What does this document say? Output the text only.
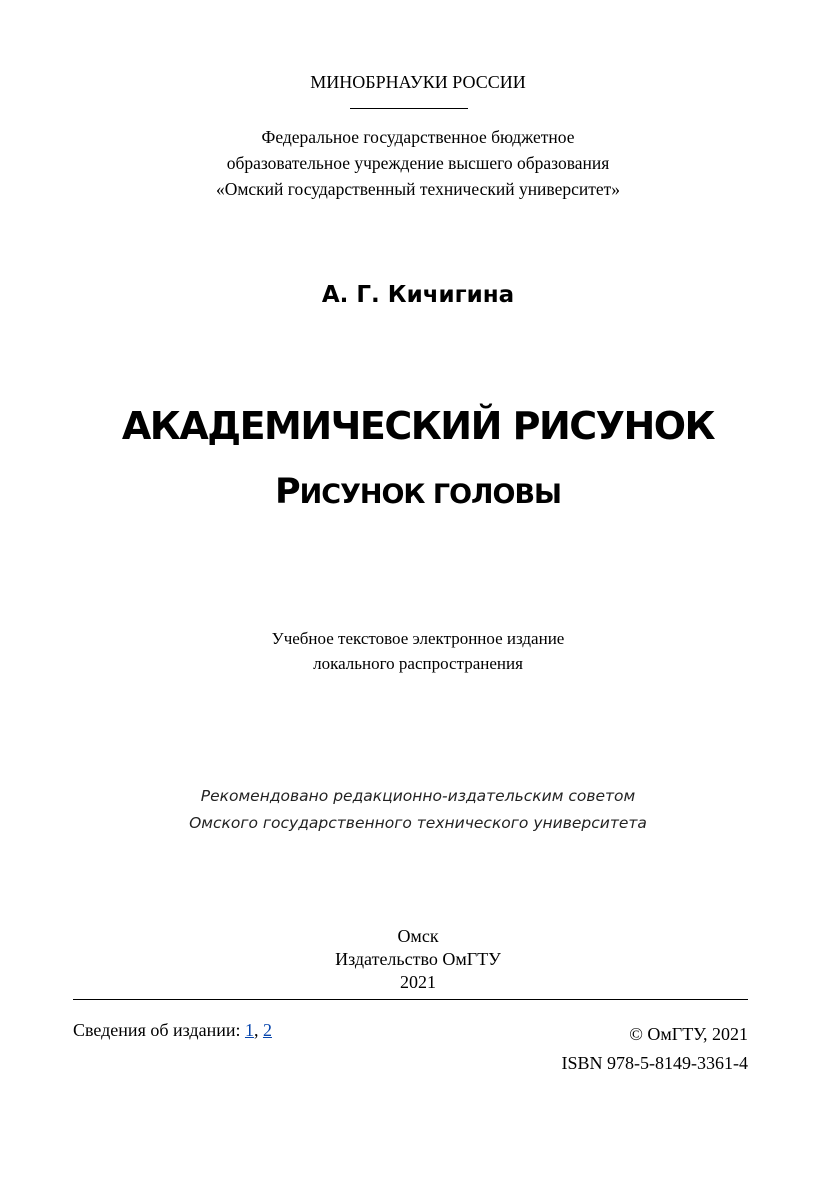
МИНОБРНАУКИ РОССИИ
Федеральное государственное бюджетное
образовательное учреждение высшего образования
«Омский государственный технический университет»
А. Г. Кичигина
АКАДЕМИЧЕСКИЙ РИСУНОК
РИСУНОК ГОЛОВЫ
Учебное текстовое электронное издание
локального распространения
Рекомендовано редакционно-издательским советом
Омского государственного технического университета
Омск
Издательство ОмГТУ
2021
Сведения об издании: 1, 2	© ОмГТУ, 2021
ISBN 978-5-8149-3361-4
